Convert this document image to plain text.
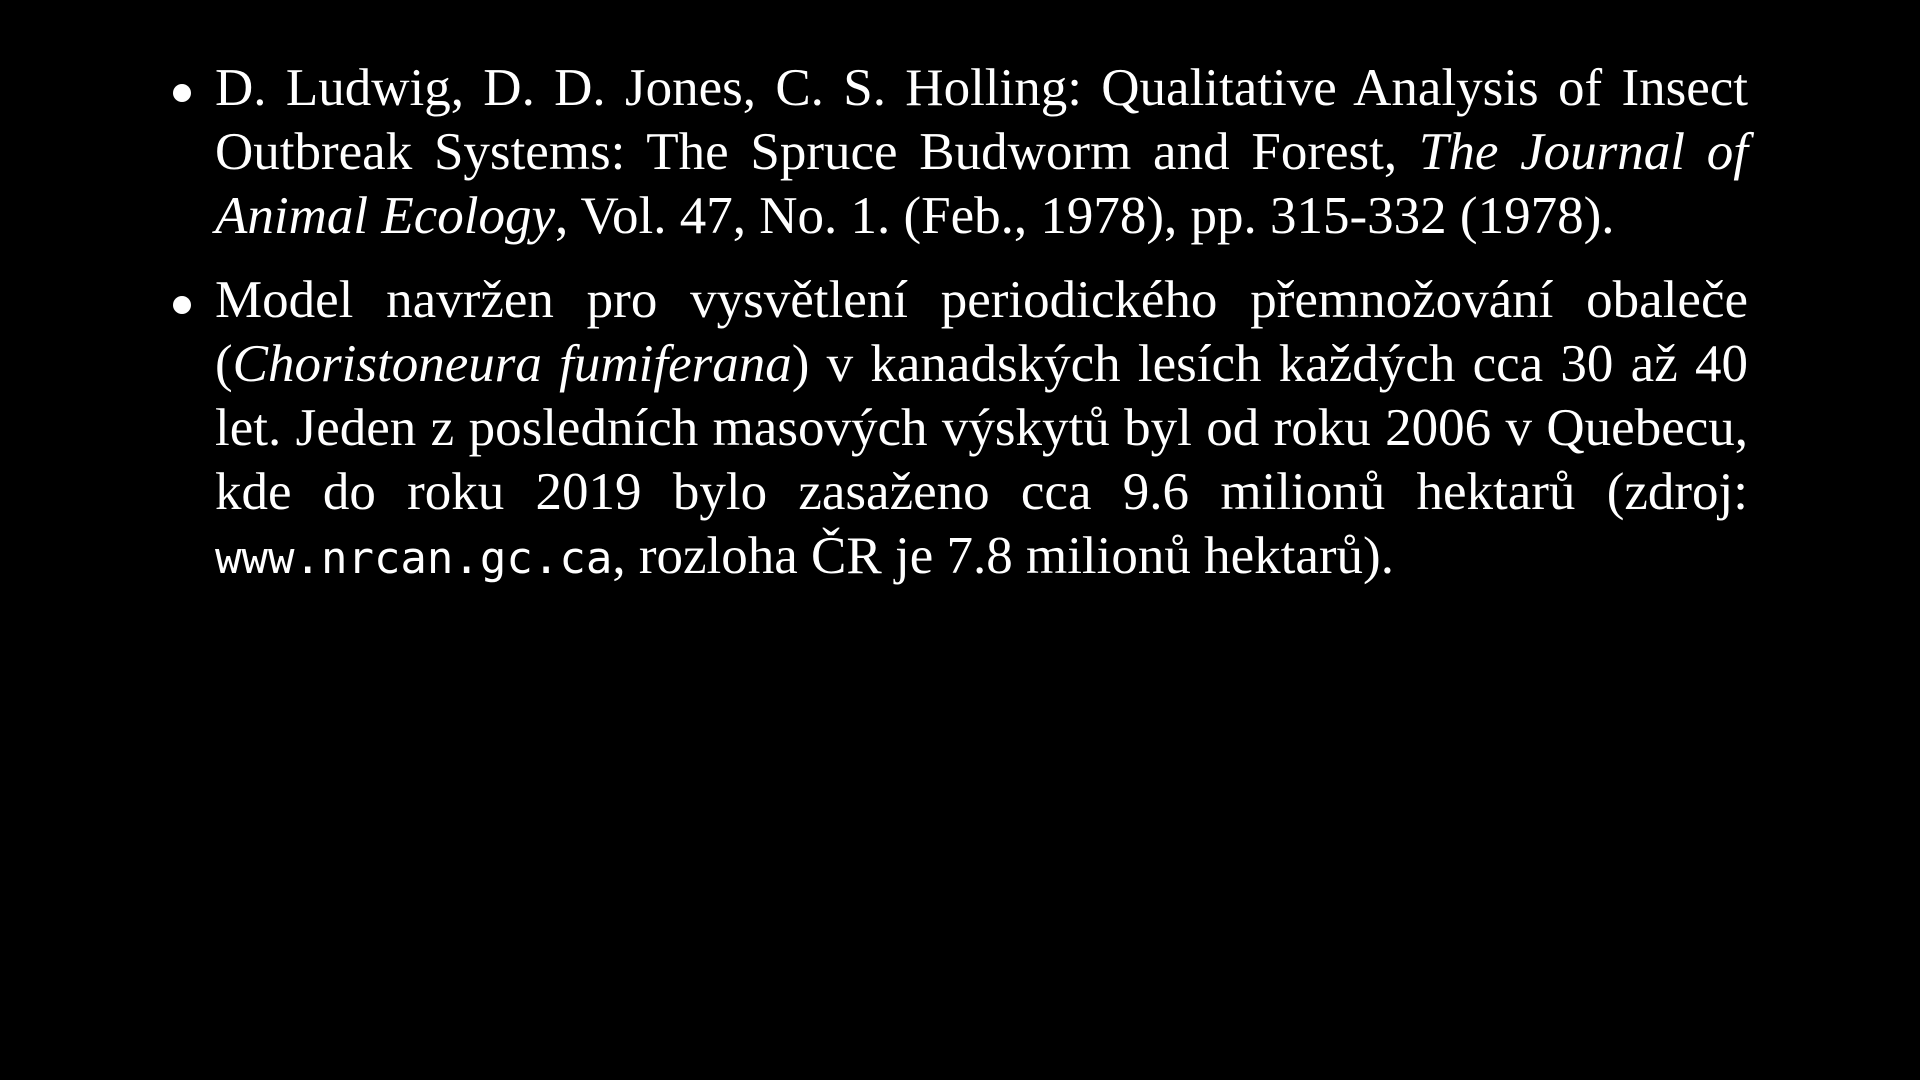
D. Ludwig, D. D. Jones, C. S. Holling: Qualitative Analysis of Insect Outbreak Systems: The Spruce Budworm and Forest, The Journal of Animal Ecology, Vol. 47, No. 1. (Feb., 1978), pp. 315-332 (1978).
Model navržen pro vysvětlení periodického přemnožování obaleče (Choristoneura fumiferana) v kanadských lesích každých cca 30 až 40 let. Jeden z posledních masových výskytů byl od roku 2006 v Quebecu, kde do roku 2019 bylo zasaženo cca 9.6 milionů hektarů (zdroj: www.nrcan.gc.ca, rozloha ČR je 7.8 milionů hektarů).
